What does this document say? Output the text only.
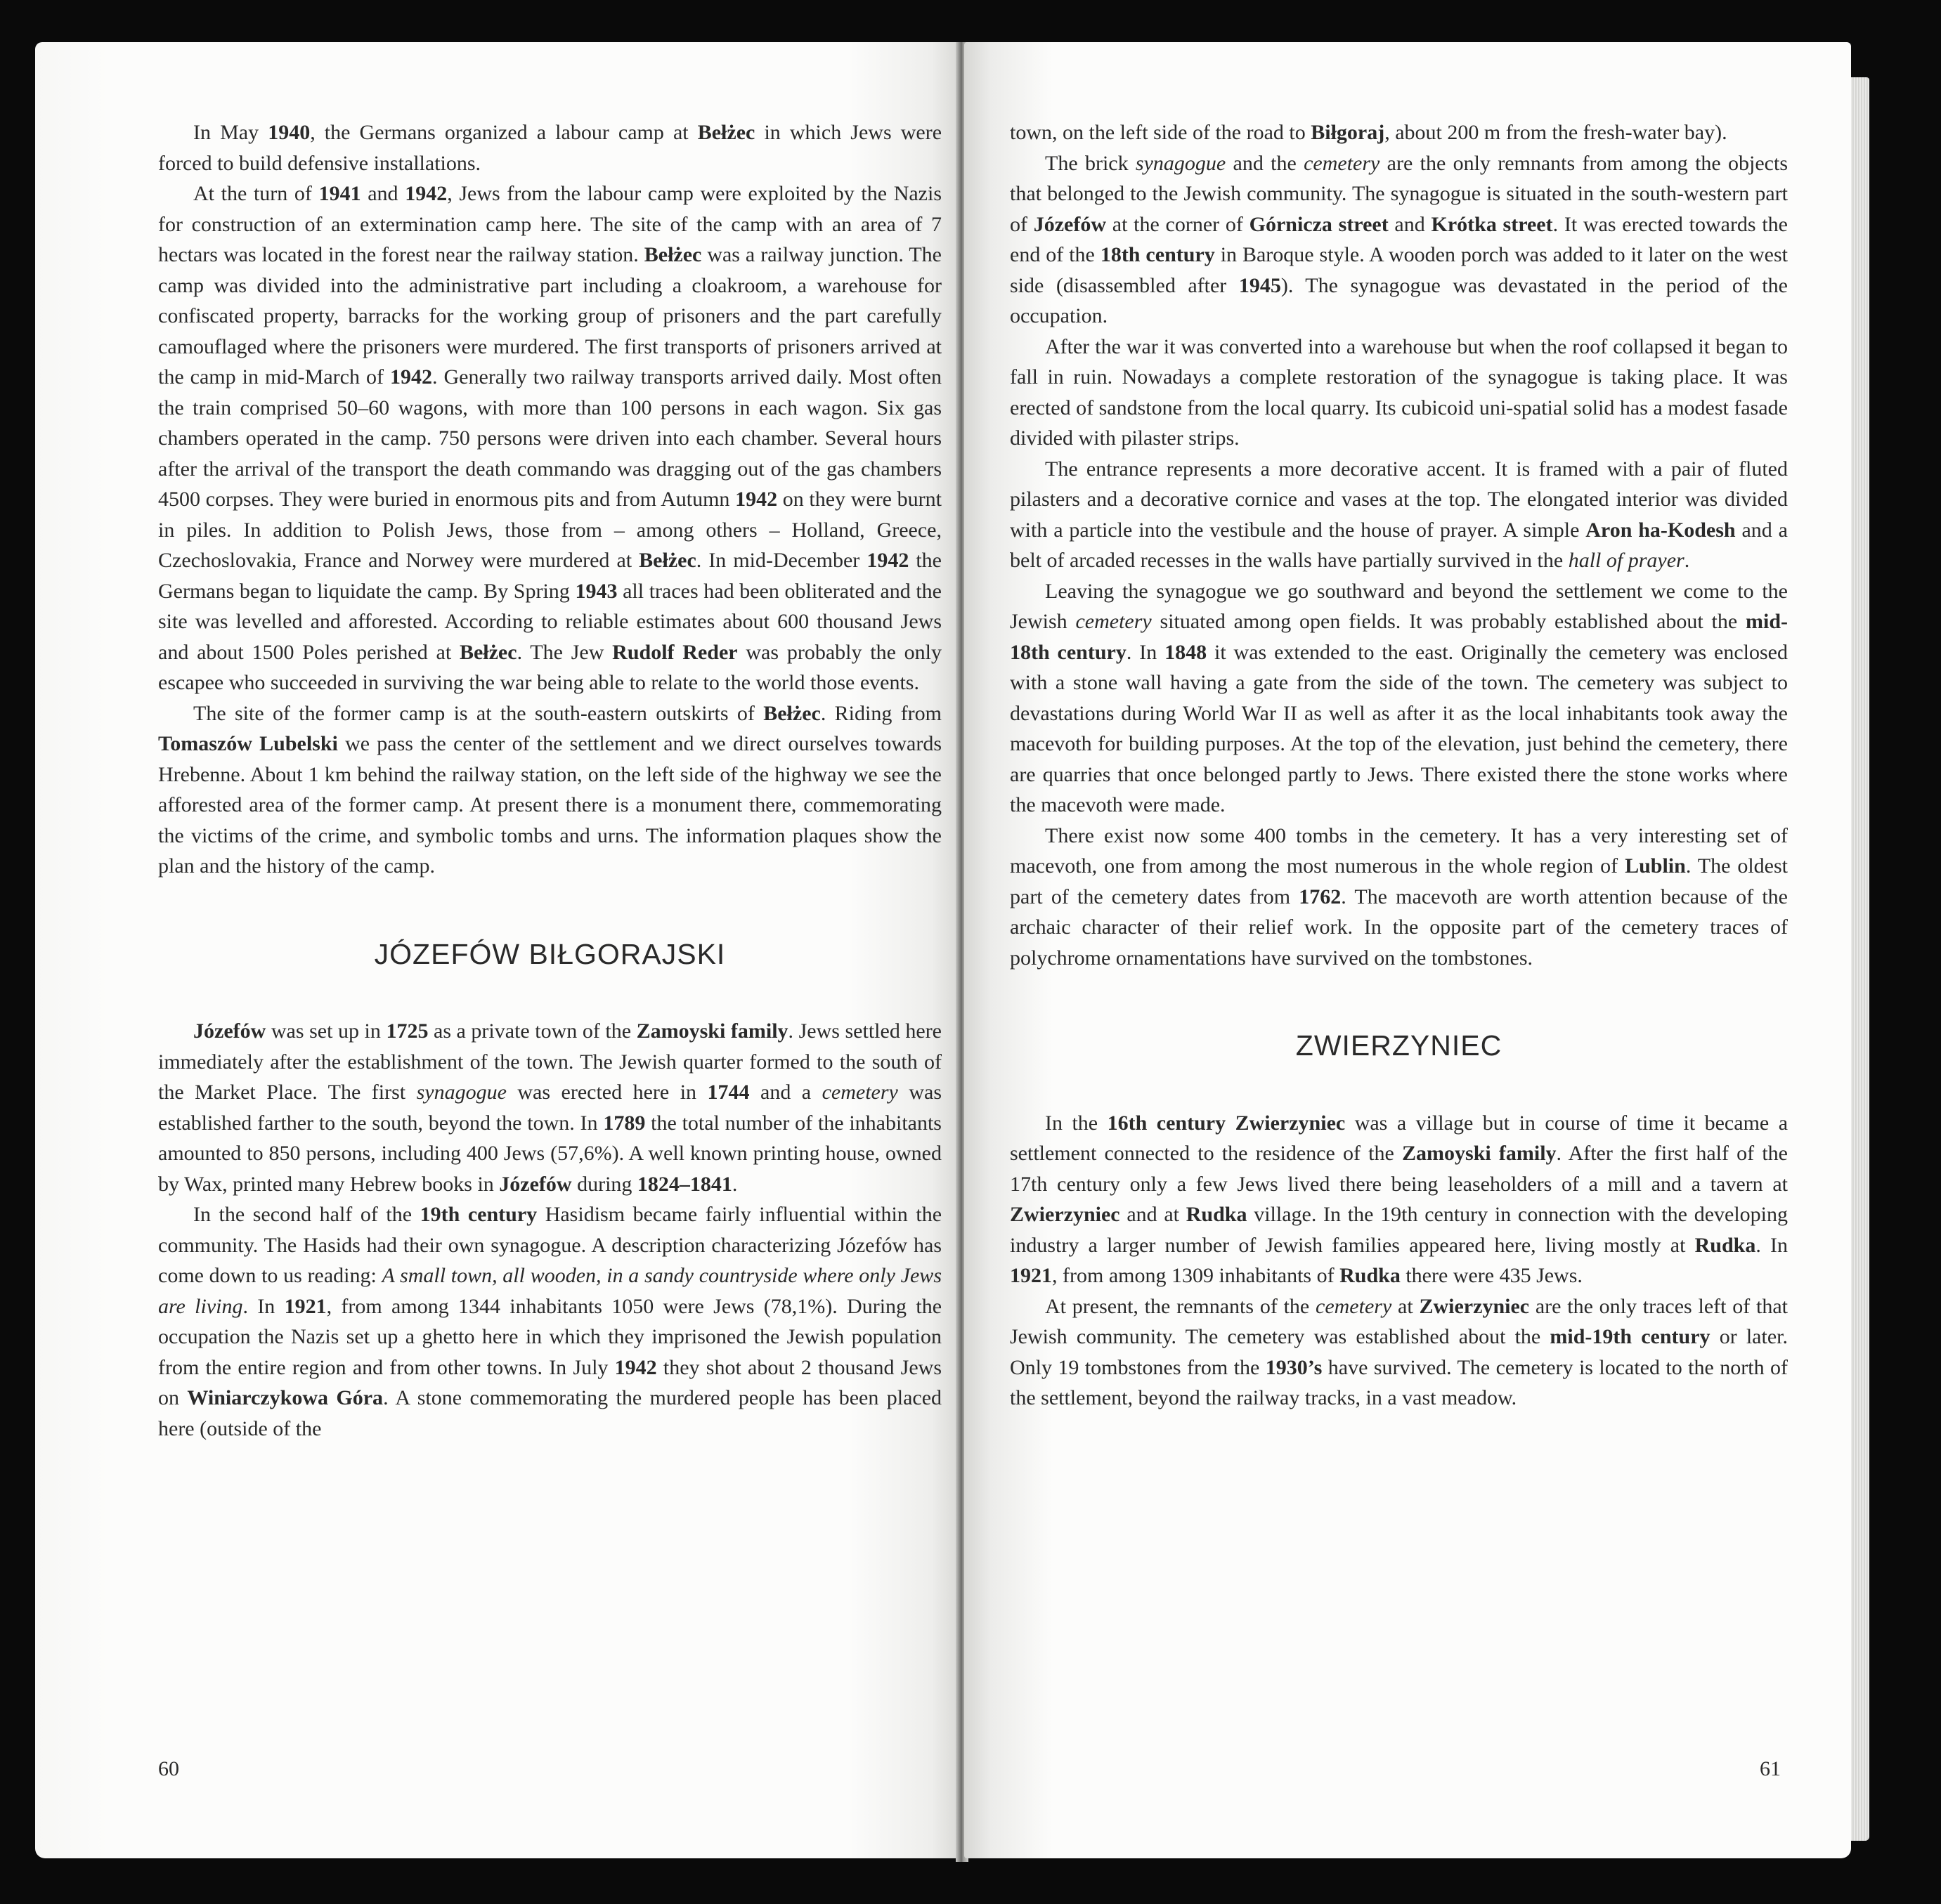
In May 1940, the Germans organized a labour camp at Bełżec in which Jews were forced to build defensive installations.

At the turn of 1941 and 1942, Jews from the labour camp were exploited by the Nazis for construction of an extermination camp here. The site of the camp with an area of 7 hectars was located in the forest near the railway station. Bełżec was a railway junction. The camp was divided into the administrative part including a cloakroom, a warehouse for confiscated property, barracks for the working group of prisoners and the part carefully camouflaged where the prisoners were murdered. The first transports of prisoners arrived at the camp in mid-March of 1942. Generally two railway transports arrived daily. Most often the train comprised 50–60 wagons, with more than 100 persons in each wagon. Six gas chambers operated in the camp. 750 persons were driven into each chamber. Several hours after the arrival of the transport the death commando was dragging out of the gas chambers 4500 corpses. They were buried in enormous pits and from Autumn 1942 on they were burnt in piles. In addition to Polish Jews, those from – among others – Holland, Greece, Czechoslovakia, France and Norwey were murdered at Bełżec. In mid-December 1942 the Germans began to liquidate the camp. By Spring 1943 all traces had been obliterated and the site was levelled and afforested. According to reliable estimates about 600 thousand Jews and about 1500 Poles perished at Bełżec. The Jew Rudolf Reder was probably the only escapee who succeeded in surviving the war being able to relate to the world those events.

The site of the former camp is at the south-eastern outskirts of Bełżec. Riding from Tomaszów Lubelski we pass the center of the settlement and we direct ourselves towards Hrebenne. About 1 km behind the railway station, on the left side of the highway we see the afforested area of the former camp. At present there is a monument there, commemorating the victims of the crime, and symbolic tombs and urns. The information plaques show the plan and the history of the camp.

JÓZEFÓW BIŁGORAJSKI

Józefów was set up in 1725 as a private town of the Zamoyski family. Jews settled here immediately after the establishment of the town. The Jewish quarter formed to the south of the Market Place. The first synagogue was erected here in 1744 and a cemetery was established farther to the south, beyond the town. In 1789 the total number of the inhabitants amounted to 850 persons, including 400 Jews (57,6%). A well known printing house, owned by Wax, printed many Hebrew books in Józefów during 1824–1841.

In the second half of the 19th century Hasidism became fairly influential within the community. The Hasids had their own synagogue. A description characterizing Józefów has come down to us reading: A small town, all wooden, in a sandy countryside where only Jews are living. In 1921, from among 1344 inhabitants 1050 were Jews (78,1%). During the occupation the Nazis set up a ghetto here in which they imprisoned the Jewish population from the entire region and from other towns. In July 1942 they shot about 2 thousand Jews on Winiarczykowa Góra. A stone commemorating the murdered people has been placed here (outside of the

60

town, on the left side of the road to Biłgoraj, about 200 m from the fresh-water bay).

The brick synagogue and the cemetery are the only remnants from among the objects that belonged to the Jewish community. The synagogue is situated in the south-western part of Józefów at the corner of Górnicza street and Krótka street. It was erected towards the end of the 18th century in Baroque style. A wooden porch was added to it later on the west side (disassembled after 1945). The synagogue was devastated in the period of the occupation.

After the war it was converted into a warehouse but when the roof collapsed it began to fall in ruin. Nowadays a complete restoration of the synagogue is taking place. It was erected of sandstone from the local quarry. Its cubicoid uni-spatial solid has a modest fasade divided with pilaster strips.

The entrance represents a more decorative accent. It is framed with a pair of fluted pilasters and a decorative cornice and vases at the top. The elongated interior was divided with a particle into the vestibule and the house of prayer. A simple Aron ha-Kodesh and a belt of arcaded recesses in the walls have partially survived in the hall of prayer.

Leaving the synagogue we go southward and beyond the settlement we come to the Jewish cemetery situated among open fields. It was probably established about the mid-18th century. In 1848 it was extended to the east. Originally the cemetery was enclosed with a stone wall having a gate from the side of the town. The cemetery was subject to devastations during World War II as well as after it as the local inhabitants took away the macevoth for building purposes. At the top of the elevation, just behind the cemetery, there are quarries that once belonged partly to Jews. There existed there the stone works where the macevoth were made.

There exist now some 400 tombs in the cemetery. It has a very interesting set of macevoth, one from among the most numerous in the whole region of Lublin. The oldest part of the cemetery dates from 1762. The macevoth are worth attention because of the archaic character of their relief work. In the opposite part of the cemetery traces of polychrome ornamentations have survived on the tombstones.

ZWIERZYNIEC

In the 16th century Zwierzyniec was a village but in course of time it became a settlement connected to the residence of the Zamoyski family. After the first half of the 17th century only a few Jews lived there being leaseholders of a mill and a tavern at Zwierzyniec and at Rudka village. In the 19th century in connection with the developing industry a larger number of Jewish families appeared here, living mostly at Rudka. In 1921, from among 1309 inhabitants of Rudka there were 435 Jews.

At present, the remnants of the cemetery at Zwierzyniec are the only traces left of that Jewish community. The cemetery was established about the mid-19th century or later. Only 19 tombstones from the 1930’s have survived. The cemetery is located to the north of the settlement, beyond the railway tracks, in a vast meadow.

61
